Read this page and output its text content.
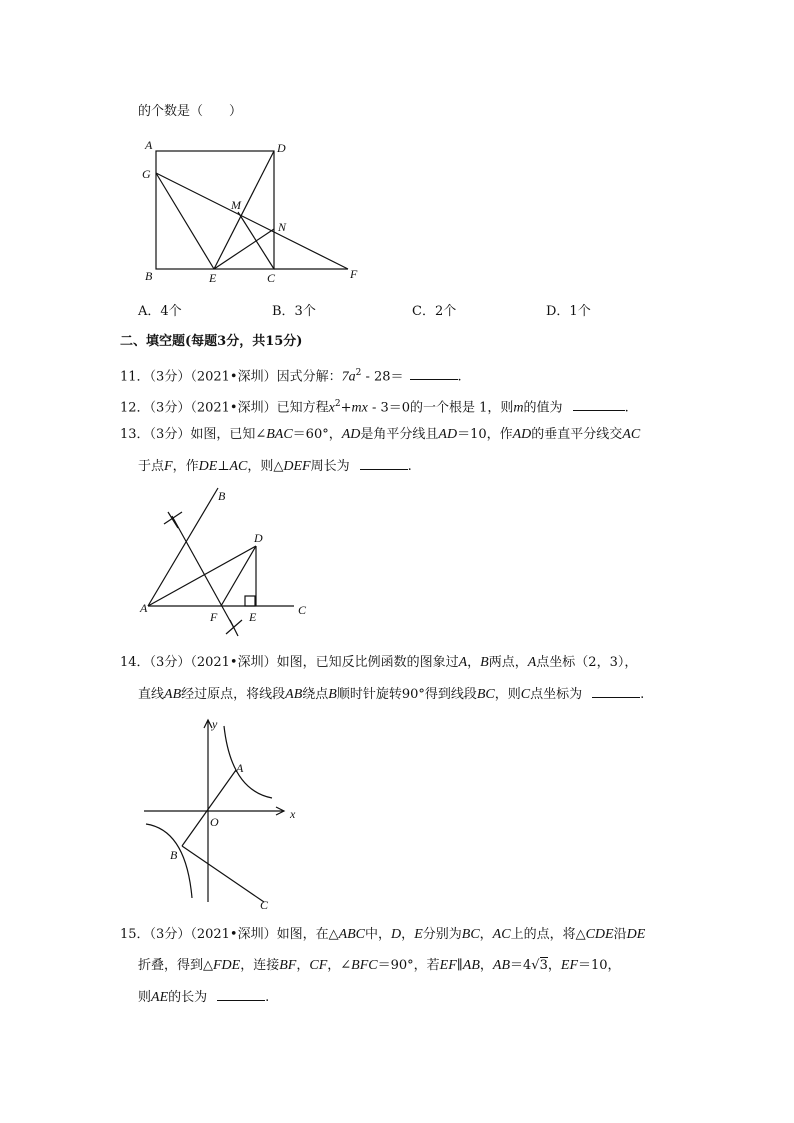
的个数是（　　）
A	D
G
M
N
B	E	C	F
A．4个	B．3个	C．2个	D．1个
二、填空题(每题3分，共15分)
11．（3分）（2021•深圳）因式分解：$7a^2 - 28=$	.
12．（3分）（2021•深圳）已知方程$x^2+mx - 3=0$的一个根是 1，则m的值为	.
13．（3分）如图，已知∠BAC＝60°，AD是角平分线且AD＝10，作AD的垂直平分线交AC
于点F，作DE⊥AC，则△DEF周长为	.
B
D
A
F	E	C
14．（3分）（2021•深圳）如图，已知反比例函数的图象过A，B两点，A点坐标（2，3），
直线AB经过原点，将线段AB绕点B顺时针旋转90°得到线段BC，则C点坐标为	.
y
x
O
A
B
C
15．（3分）（2021•深圳）如图，在△ABC中，D，E分别为BC，AC上的点，将△CDE沿DE
折叠，得到△FDE，连接BF，CF，∠BFC＝90°，若EF∥AB，AB＝4√3，EF＝10，
则AE的长为	.
